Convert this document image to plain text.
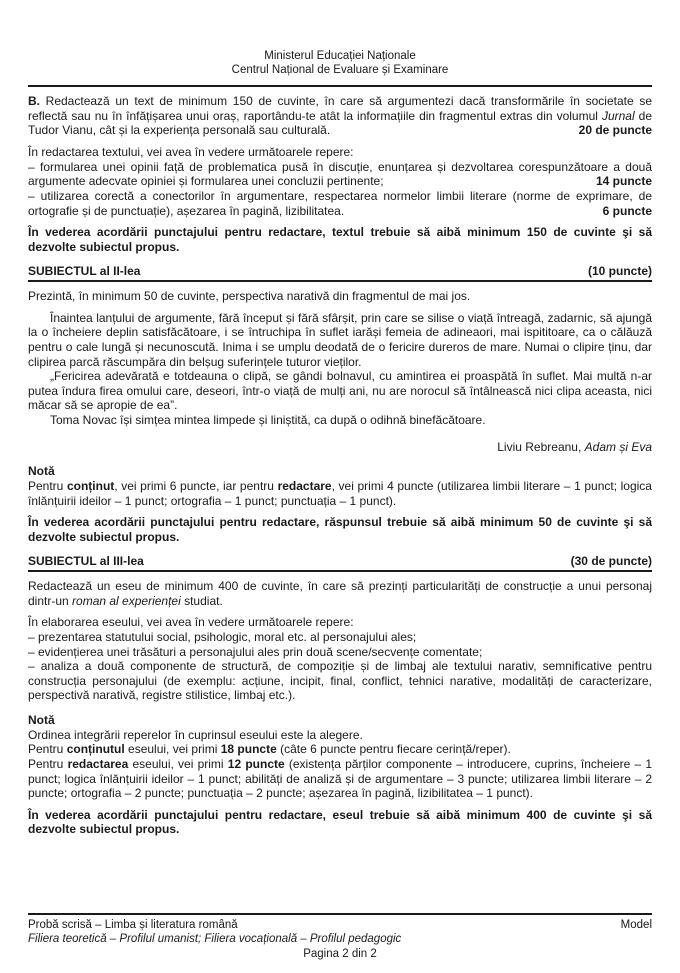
Ministerul Educației Naționale
Centrul Național de Evaluare și Examinare

B. Redactează un text de minimum 150 de cuvinte, în care să argumentezi dacă transformările în societate se reflectă sau nu în înfățișarea unui oraș, raportându-te atât la informațiile din fragmentul extras din volumul Jurnal de Tudor Vianu, cât și la experiența personală sau culturală.	20 de puncte

În redactarea textului, vei avea în vedere următoarele repere:

– formularea unei opinii față de problematica pusă în discuție, enunțarea și dezvoltarea corespunzătoare a două argumente adecvate opiniei și formularea unei concluzii pertinente;	14 puncte

– utilizarea corectă a conectorilor în argumentare, respectarea normelor limbii literare (norme de exprimare, de ortografie și de punctuație), așezarea în pagină, lizibilitatea.	6 puncte

În vederea acordării punctajului pentru redactare, textul trebuie să aibă minimum 150 de cuvinte şi să dezvolte subiectul propus.

SUBIECTUL al II-lea	(10 puncte)

Prezintă, în minimum 50 de cuvinte, perspectiva narativă din fragmentul de mai jos.

Înaintea lanțului de argumente, fără început și fără sfârșit, prin care se silise o viață întreagă, zadarnic, să ajungă la o încheiere deplin satisfăcătoare, i se întruchipa în suflet iarăși femeia de adineaori, mai ispititoare, ca o călăuză pentru o cale lungă și necunoscută. Inima i se umplu deodată de o fericire dureros de mare. Numai o clipire ținu, dar clipirea parcă răscumpăra din belșug suferințele tuturor vieților.

„Fericirea adevărată e totdeauna o clipă, se gândi bolnavul, cu amintirea ei proaspătă în suflet. Mai multă n-ar putea îndura firea omului care, deseori, într-o viață de mulți ani, nu are norocul să întâlnească nici clipa aceasta, nici măcar să se apropie de ea”.

Toma Novac își simțea mintea limpede și liniștită, ca după o odihnă binefăcătoare.

Liviu Rebreanu, Adam și Eva

Notă

Pentru conținut, vei primi 6 puncte, iar pentru redactare, vei primi 4 puncte (utilizarea limbii literare – 1 punct; logica înlănțuirii ideilor – 1 punct; ortografia – 1 punct; punctuația – 1 punct).

În vederea acordării punctajului pentru redactare, răspunsul trebuie să aibă minimum 50 de cuvinte şi să dezvolte subiectul propus.

SUBIECTUL al III-lea	(30 de puncte)

Redactează un eseu de minimum 400 de cuvinte, în care să prezinți particularități de construcție a unui personaj dintr-un roman al experienței studiat.

În elaborarea eseului, vei avea în vedere următoarele repere:

– prezentarea statutului social, psihologic, moral etc. al personajului ales;

– evidențierea unei trăsături a personajului ales prin două scene/secvențe comentate;

– analiza a două componente de structură, de compoziție și de limbaj ale textului narativ, semnificative pentru construcția personajului (de exemplu: acțiune, incipit, final, conflict, tehnici narative, modalități de caracterizare, perspectivă narativă, registre stilistice, limbaj etc.).

Notă

Ordinea integrării reperelor în cuprinsul eseului este la alegere.

Pentru conținutul eseului, vei primi 18 puncte (câte 6 puncte pentru fiecare cerință/reper).

Pentru redactarea eseului, vei primi 12 puncte (existența părților componente – introducere, cuprins, încheiere – 1 punct; logica înlănțuirii ideilor – 1 punct; abilități de analiză și de argumentare – 3 puncte; utilizarea limbii literare – 2 puncte; ortografia – 2 puncte; punctuația – 2 puncte; așezarea în pagină, lizibilitatea – 1 punct).

În vederea acordării punctajului pentru redactare, eseul trebuie să aibă minimum 400 de cuvinte şi să dezvolte subiectul propus.

Probă scrisă – Limba și literatura română	Model
Filiera teoretică – Profilul umanist; Filiera vocațională – Profilul pedagogic
Pagina 2 din 2
